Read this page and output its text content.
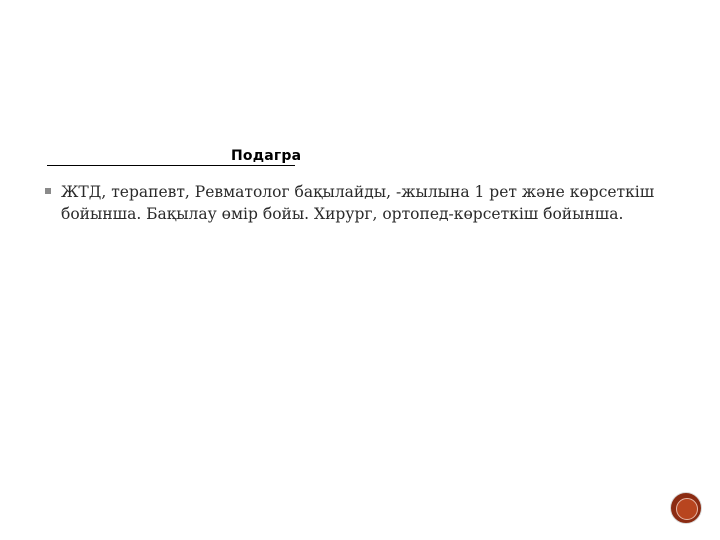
Подагра
ЖТД, терапевт, Ревматолог бақылайды, -жылына 1 рет және көрсеткіш бойынша. Бақылау өмір бойы. Хирург, ортопед-көрсеткіш бойынша.
